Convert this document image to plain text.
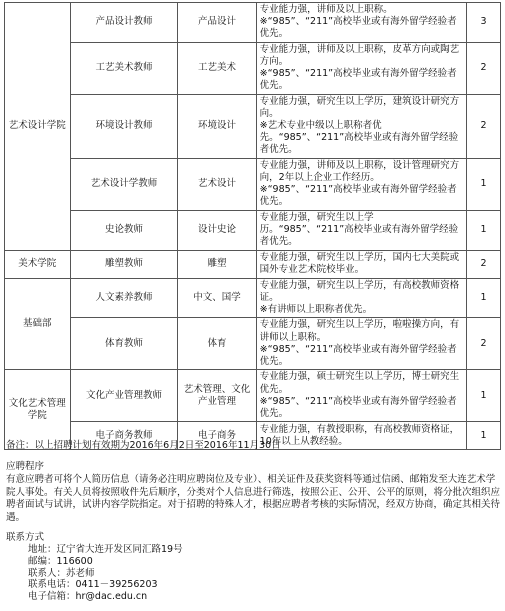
艺术设计学院	产品设计教师	产品设计	专业能力强，讲师及以上职称。
※“985”、“211”高校毕业或有海外留学经验者优先。	3
	工艺美术教师	工艺美术	专业能力强，讲师及以上职称，皮革方向或陶艺方向。
※“985”、“211”高校毕业或有海外留学经验者优先。	2
	环境设计教师	环境设计	专业能力强，研究生以上学历，建筑设计研究方向。
※艺术专业中级以上职称者优先。“985”、“211”高校毕业或有海外留学经验者优先。	2
	艺术设计学教师	艺术设计	专业能力强，讲师及以上职称，设计管理研究方向，2年以上企业工作经历。
※“985”、“211”高校毕业或有海外留学经验者优先。	1
	史论教师	设计史论	专业能力强，研究生以上学历。“985”、“211”高校毕业或有海外留学经验者优先。	1
美术学院	雕塑教师	雕塑	专业能力强，研究生以上学历，国内七大美院或国外专业艺术院校毕业。	2
基础部	人文素养教师	中文、国学	专业能力强，研究生以上学历，有高校教师资格证。
※有讲师以上职称者优先。	1
	体育教师	体育	专业能力强，研究生以上学历，啦啦操方向，有讲师以上职称。
※“985”、“211”高校毕业或有海外留学经验者优先。	2
文化艺术管理学院	文化产业管理教师	艺术管理、文化产业管理	专业能力强，硕士研究生以上学历，博士研究生优先。
※“985”、“211”高校毕业或有海外留学经验者优先。	1
	电子商务教师	电子商务	专业能力强，有教授职称，有高校教师资格证，10年以上从教经验。	1
备注：以上招聘计划有效期为2016年6月2日至2016年11月30日

应聘程序

有意应聘者可将个人简历信息（请务必注明应聘岗位及专业）、相关证件及获奖资料等通过信函、邮箱发至大连艺术学院人事处。有关人员将按照收件先后顺序，分类对个人信息进行筛选，按照公正、公开、公平的原则，将分批次组织应聘者面试与试讲，试讲内容学院指定。对于招聘的特殊人才，根据应聘者考核的实际情况，经双方协商，确定其相关待遇。

联系方式

地址：辽宁省大连开发区同汇路19号
邮编：116600
联系人：苏老师
联系电话：0411－39256203
电子信箱：hr@dac.edu.cn
